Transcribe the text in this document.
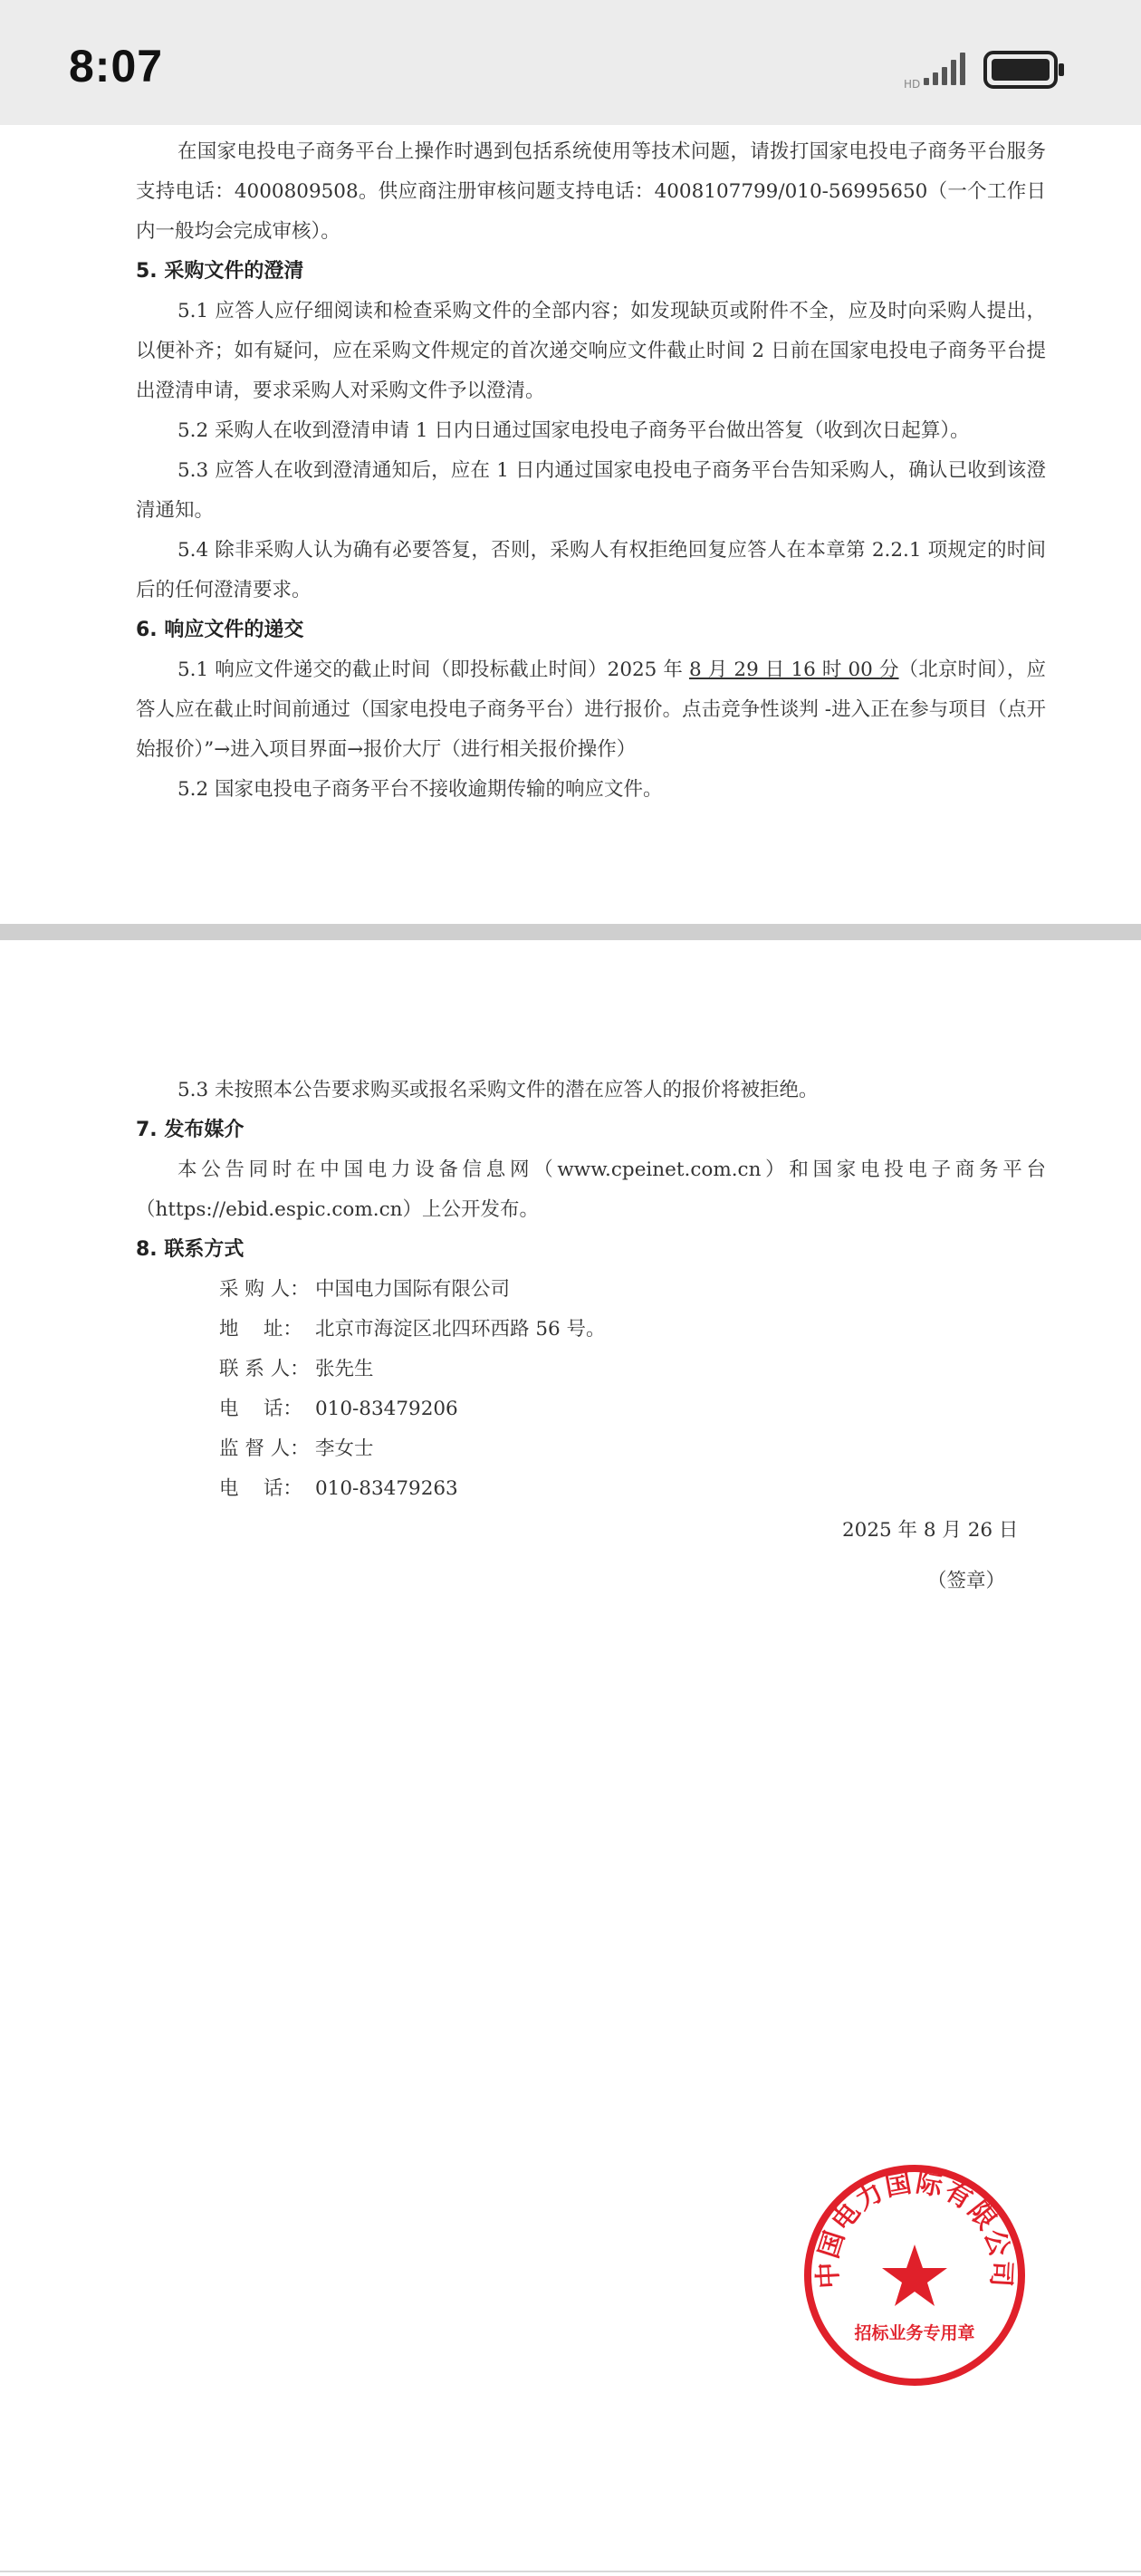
8:07	HD

在国家电投电子商务平台上操作时遇到包括系统使用等技术问题，请拨打国家电投电子商务平台服务支持电话：4000809508。供应商注册审核问题支持电话：4008107799/010-56995650（一个工作日内一般均会完成审核）。

5. 采购文件的澄清

5.1 应答人应仔细阅读和检查采购文件的全部内容；如发现缺页或附件不全，应及时向采购人提出，以便补齐；如有疑问，应在采购文件规定的首次递交响应文件截止时间 2 日前在国家电投电子商务平台提出澄清申请，要求采购人对采购文件予以澄清。

5.2 采购人在收到澄清申请 1 日内日通过国家电投电子商务平台做出答复（收到次日起算）。

5.3 应答人在收到澄清通知后，应在 1 日内通过国家电投电子商务平台告知采购人，确认已收到该澄清通知。

5.4 除非采购人认为确有必要答复，否则，采购人有权拒绝回复应答人在本章第 2.2.1 项规定的时间后的任何澄清要求。

6. 响应文件的递交

5.1 响应文件递交的截止时间（即投标截止时间）2025 年 8 月 29 日 16 时 00 分（北京时间），应答人应在截止时间前通过（国家电投电子商务平台）进行报价。点击竞争性谈判 -进入正在参与项目（点开始报价）”→进入项目界面→报价大厅（进行相关报价操作）

5.2 国家电投电子商务平台不接收逾期传输的响应文件。

5.3 未按照本公告要求购买或报名采购文件的潜在应答人的报价将被拒绝。

7. 发布媒介

本公告同时在中国电力设备信息网（www.cpeinet.com.cn）和国家电投电子商务平台（https://ebid.espic.com.cn）上公开发布。

8. 联系方式

采 购 人： 中国电力国际有限公司
地    址： 北京市海淀区北四环西路 56 号。
联 系 人： 张先生
电    话： 010-83479206
监 督 人： 李女士
电    话： 010-83479263
2025 年 8 月 26 日
（签章）
中国电力国际有限公司
招标业务专用章
